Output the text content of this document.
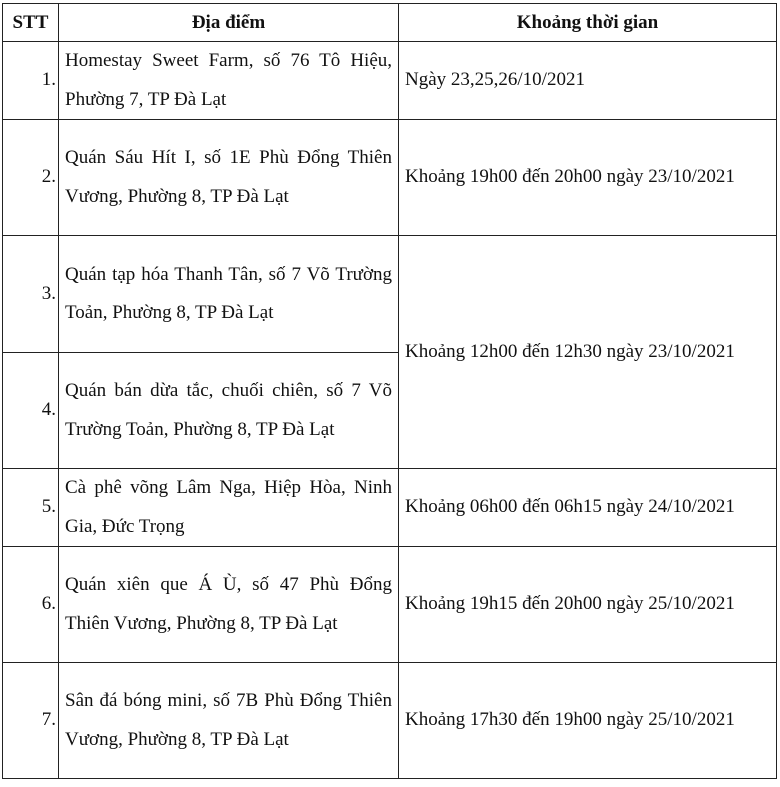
STT	Địa điểm	Khoảng thời gian
1.	Homestay Sweet Farm, số 76 Tô Hiệu, Phường 7, TP Đà Lạt	Ngày 23,25,26/10/2021
2.	Quán Sáu Hít I, số 1E Phù Đổng Thiên Vương, Phường 8, TP Đà Lạt	Khoảng 19h00 đến 20h00 ngày 23/10/2021
3.	Quán tạp hóa Thanh Tân, số 7 Võ Trường Toản, Phường 8, TP Đà Lạt	Khoảng 12h00 đến 12h30 ngày 23/10/2021
4.	Quán bán dừa tắc, chuối chiên, số 7 Võ Trường Toản, Phường 8, TP Đà Lạt	
5.	Cà phê võng Lâm Nga, Hiệp Hòa, Ninh Gia, Đức Trọng	Khoảng 06h00 đến 06h15 ngày 24/10/2021
6.	Quán xiên que Á Ù, số 47 Phù Đổng Thiên Vương, Phường 8, TP Đà Lạt	Khoảng 19h15 đến 20h00 ngày 25/10/2021
7.	Sân đá bóng mini, số 7B Phù Đổng Thiên Vương, Phường 8, TP Đà Lạt	Khoảng 17h30 đến 19h00 ngày 25/10/2021
